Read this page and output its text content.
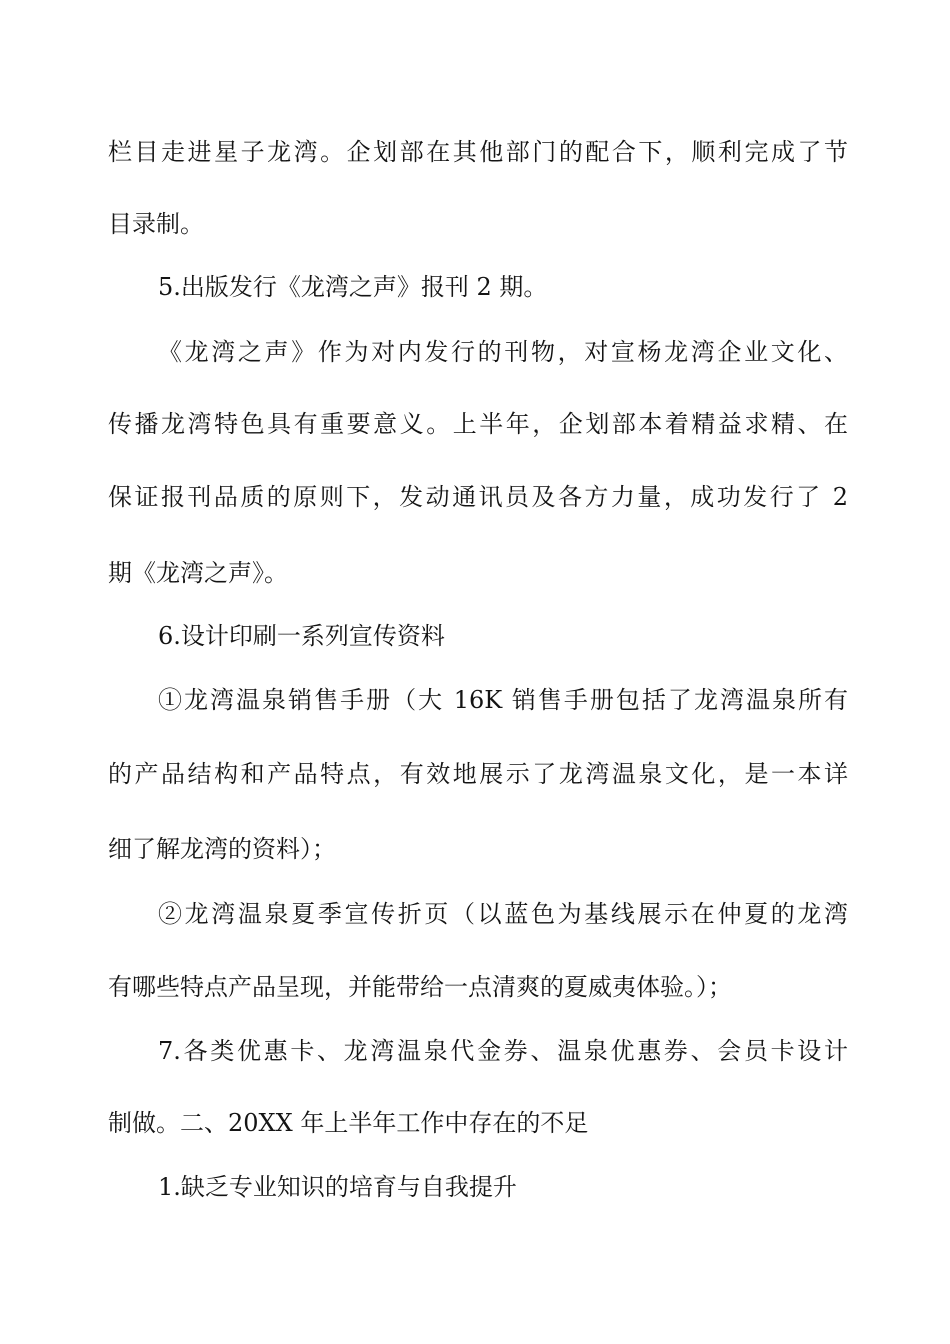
栏目走进星子龙湾。企划部在其他部门的配合下，顺利完成了节
目录制。
5.出版发行《龙湾之声》报刊 2 期。
《龙湾之声》作为对内发行的刊物，对宣杨龙湾企业文化、
传播龙湾特色具有重要意义。上半年，企划部本着精益求精、在
保证报刊品质的原则下，发动通讯员及各方力量，成功发行了 2
期《龙湾之声》。
6.设计印刷一系列宣传资料
①龙湾温泉销售手册（大 16K 销售手册包括了龙湾温泉所有
的产品结构和产品特点，有效地展示了龙湾温泉文化，是一本详
细了解龙湾的资料）；
②龙湾温泉夏季宣传折页（以蓝色为基线展示在仲夏的龙湾
有哪些特点产品呈现，并能带给一点清爽的夏威夷体验。）；
7.各类优惠卡、龙湾温泉代金券、温泉优惠券、会员卡设计
制做。二、20XX 年上半年工作中存在的不足
1.缺乏专业知识的培育与自我提升
